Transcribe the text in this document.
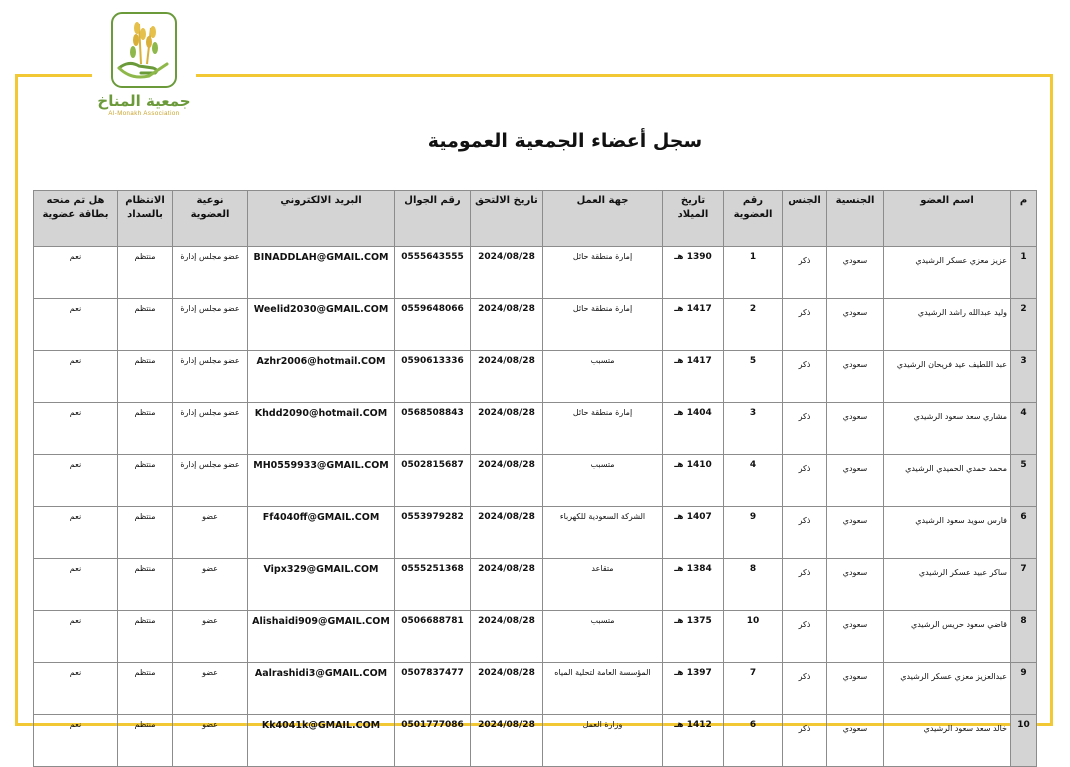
جمعية المناخ
Al-Monakh Association
سجل أعضاء الجمعية العمومية
م	اسم العضو	الجنسية	الجنس	رقم العضوية	تاريخ الميلاد	جهة العمل	تاريخ الالتحق	رقم الجوال	البريد الالكتروني	نوعية العضوية	الانتظام بالسداد	هل تم منحه بطاقة عضوية
1	عزيز معزي عسكر الرشيدي	سعودي	ذكر	1	1390 هـ	إمارة منطقة حائل	2024/08/28	0555643555	BINADDLAH@GMAIL.COM	عضو مجلس إدارة	منتظم	نعم
2	وليد عبدالله راشد الرشيدي	سعودي	ذكر	2	1417 هـ	إمارة منطقة حائل	2024/08/28	0559648066	Weelid2030@GMAIL.COM	عضو مجلس إدارة	منتظم	نعم
3	عبد اللطيف عيد فريحان الرشيدي	سعودي	ذكر	5	1417 هـ	متسبب	2024/08/28	0590613336	Azhr2006@hotmail.COM	عضو مجلس إدارة	منتظم	نعم
4	مشاري سعد سعود الرشيدي	سعودي	ذكر	3	1404 هـ	إمارة منطقة حائل	2024/08/28	0568508843	Khdd2090@hotmail.COM	عضو مجلس إدارة	منتظم	نعم
5	محمد حمدي الحميدي الرشيدي	سعودي	ذكر	4	1410 هـ	متسبب	2024/08/28	0502815687	MH0559933@GMAIL.COM	عضو مجلس إدارة	منتظم	نعم
6	فارس سويد سعود الرشيدي	سعودي	ذكر	9	1407 هـ	الشركة السعودية للكهرباء	2024/08/28	0553979282	Ff4040ff@GMAIL.COM	عضو	منتظم	نعم
7	ساكر عبيد عسكر الرشيدي	سعودي	ذكر	8	1384 هـ	متقاعد	2024/08/28	0555251368	Vipx329@GMAIL.COM	عضو	منتظم	نعم
8	قاضي سعود حريس الرشيدي	سعودي	ذكر	10	1375 هـ	متسبب	2024/08/28	0506688781	Alishaidi909@GMAIL.COM	عضو	منتظم	نعم
9	عبدالعزيز معزي عسكر الرشيدي	سعودي	ذكر	7	1397 هـ	المؤسسة العامة لتحلية المياه	2024/08/28	0507837477	Aalrashidi3@GMAIL.COM	عضو	منتظم	نعم
10	خالد سعد سعود الرشيدي	سعودي	ذكر	6	1412 هـ	وزارة العمل	2024/08/28	0501777086	Kk4041k@GMAIL.COM	عضو	منتظم	نعم
